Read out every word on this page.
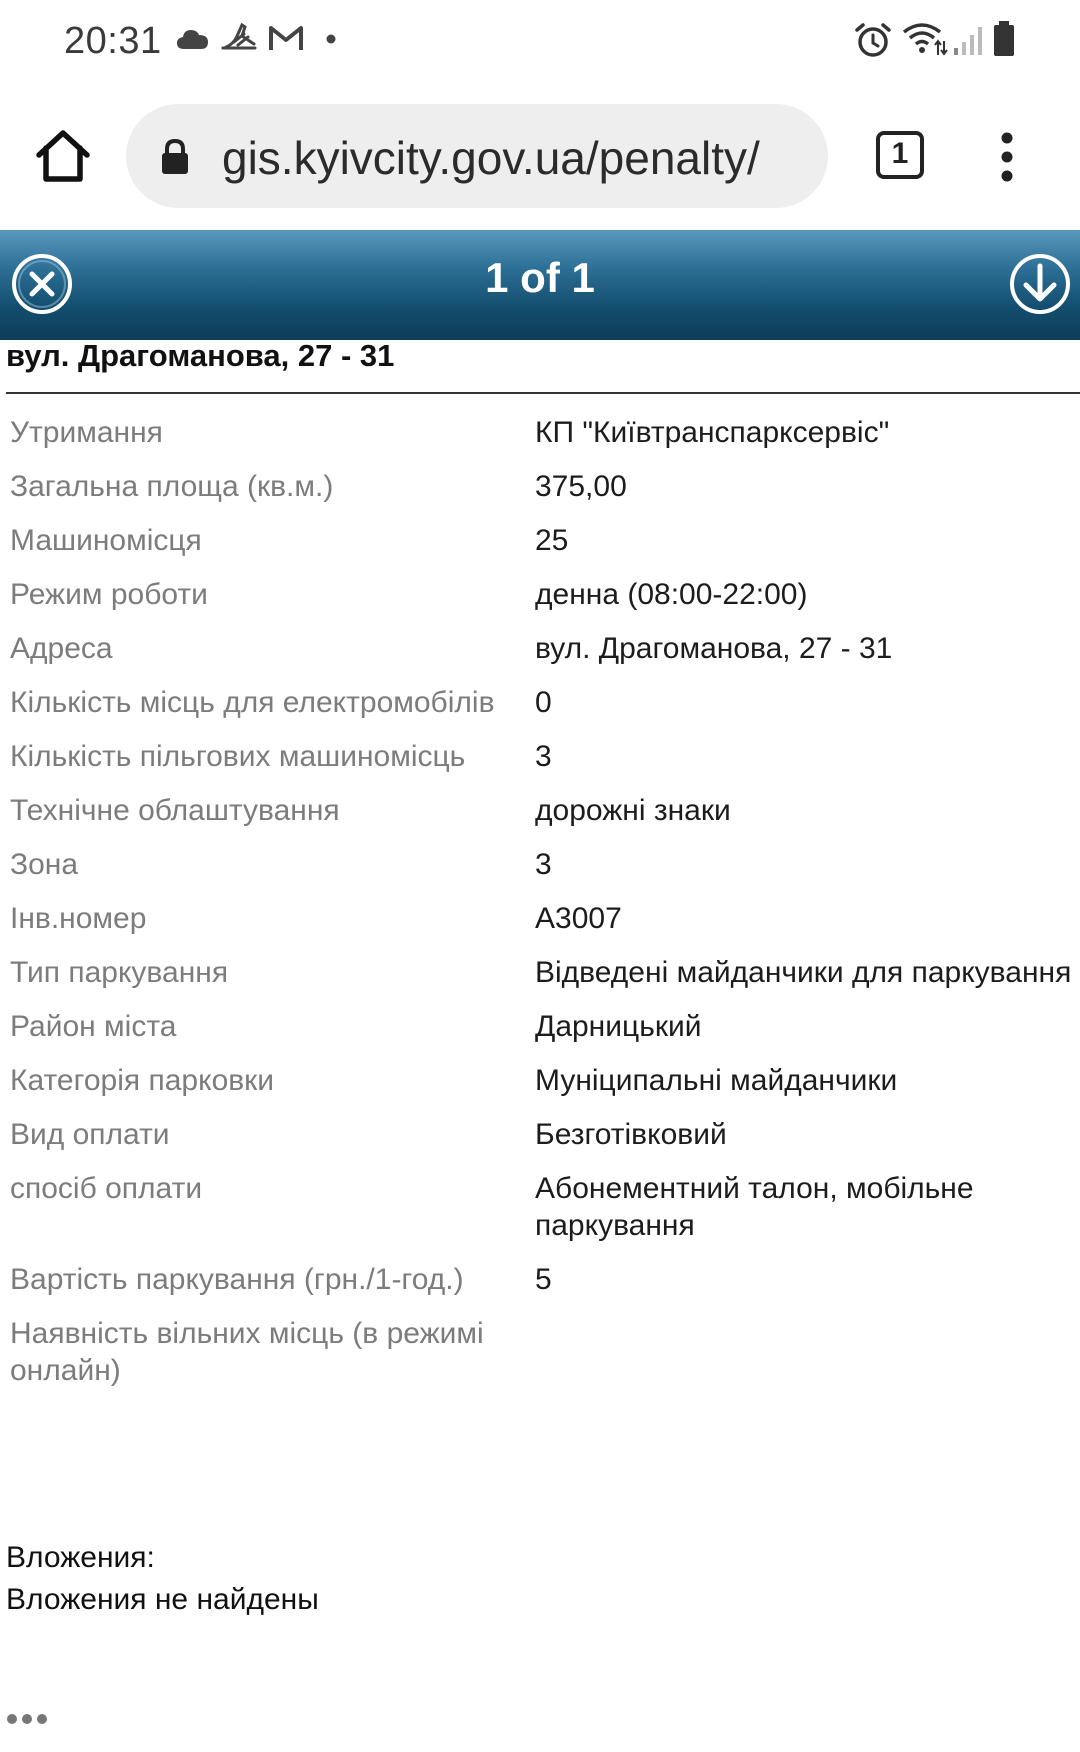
20:31
gis.kyivcity.gov.ua/penalty/	1
1 of 1
вул. Драгоманова, 27 - 31
Утримання	КП "Київтранспарксервіс"
Загальна площа (кв.м.)	375,00
Машиномісця	25
Режим роботи	денна (08:00-22:00)
Адреса	вул. Драгоманова, 27 - 31
Кількість місць для електромобілів	0
Кількість пільгових машиномісць	3
Технічне облаштування	дорожні знаки
Зона	3
Інв.номер	А3007
Тип паркування	Відведені майданчики для паркування
Район міста	Дарницький
Категорія парковки	Муніципальні майданчики
Вид оплати	Безготівковий
спосіб оплати	Абонементний талон, мобільне паркування
Вартість паркування (грн./1-год.)	5
Наявність вільних місць (в режимі онлайн)	
Вложения:
Вложения не найдены
